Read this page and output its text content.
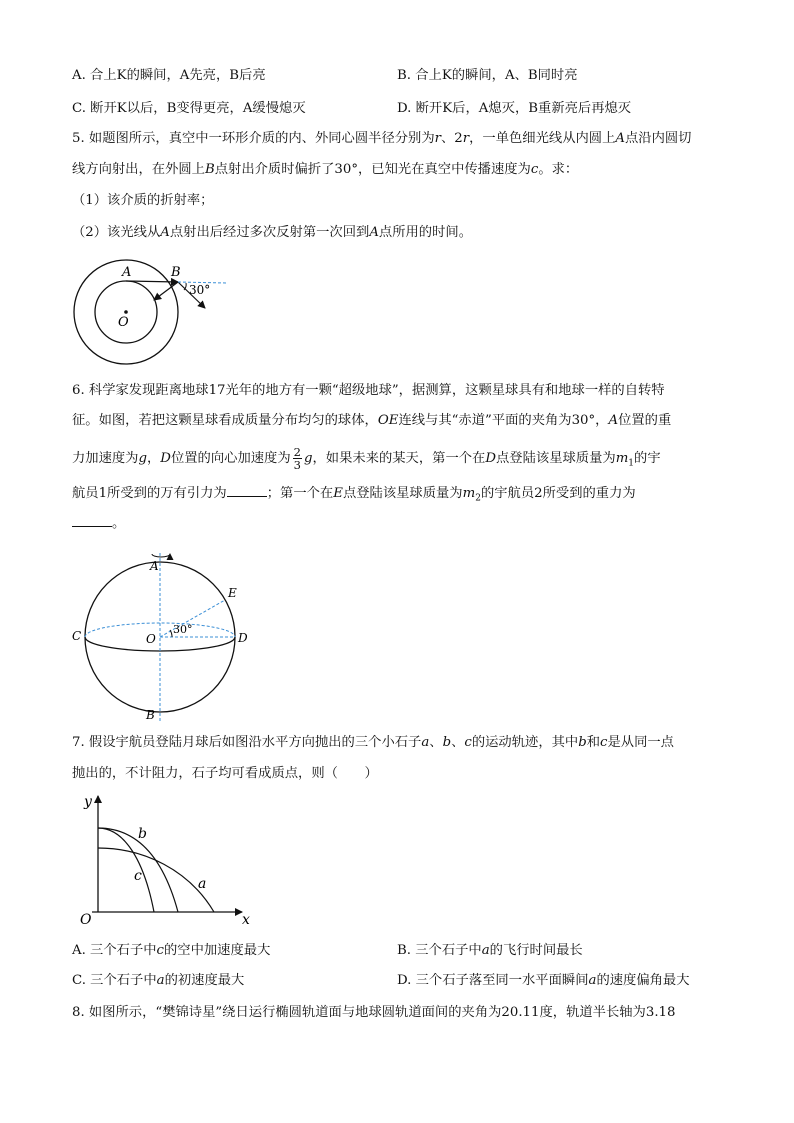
A. 合上K的瞬间，A先亮，B后亮	B. 合上K的瞬间，A、B同时亮
C. 断开K以后，B变得更亮，A缓慢熄灭	D. 断开K后，A熄灭，B重新亮后再熄灭
5. 如题图所示，真空中一环形介质的内、外同心圆半径分别为r、2r，一单色细光线从内圆上A点沿内圆切
线方向射出，在外圆上B点射出介质时偏折了30°，已知光在真空中传播速度为c。求：
（1）该介质的折射率；
（2）该光线从A点射出后经过多次反射第一次回到A点所用的时间。
A	B
O
30°
6. 科学家发现距离地球17光年的地方有一颗“超级地球”，据测算，这颗星球具有和地球一样的自转特
征。如图，若把这颗星球看成质量分布均匀的球体，OE连线与其“赤道”平面的夹角为30°，A位置的重
力加速度为g，D位置的向心加速度为 $\frac{2}{3}$ g，如果未来的某天，第一个在D点登陆该星球质量为$m_1$的宇
航员1所受到的万有引力为	；第一个在E点登陆该星球质量为$m_2$的宇航员2所受到的重力为
。
A
E
C	O
30°
D
B
7. 假设宇航员登陆月球后如图沿水平方向抛出的三个小石子a、b、c的运动轨迹，其中b和c是从同一点
抛出的，不计阻力，石子均可看成质点，则（　　）
y
x
O
b
c	a
A. 三个石子中c的空中加速度最大	B. 三个石子中a的飞行时间最长
C. 三个石子中a的初速度最大	D. 三个石子落至同一水平面瞬间a的速度偏角最大
8. 如图所示，“樊锦诗星”绕日运行椭圆轨道面与地球圆轨道面间的夹角为20.11度，轨道半长轴为3.18
